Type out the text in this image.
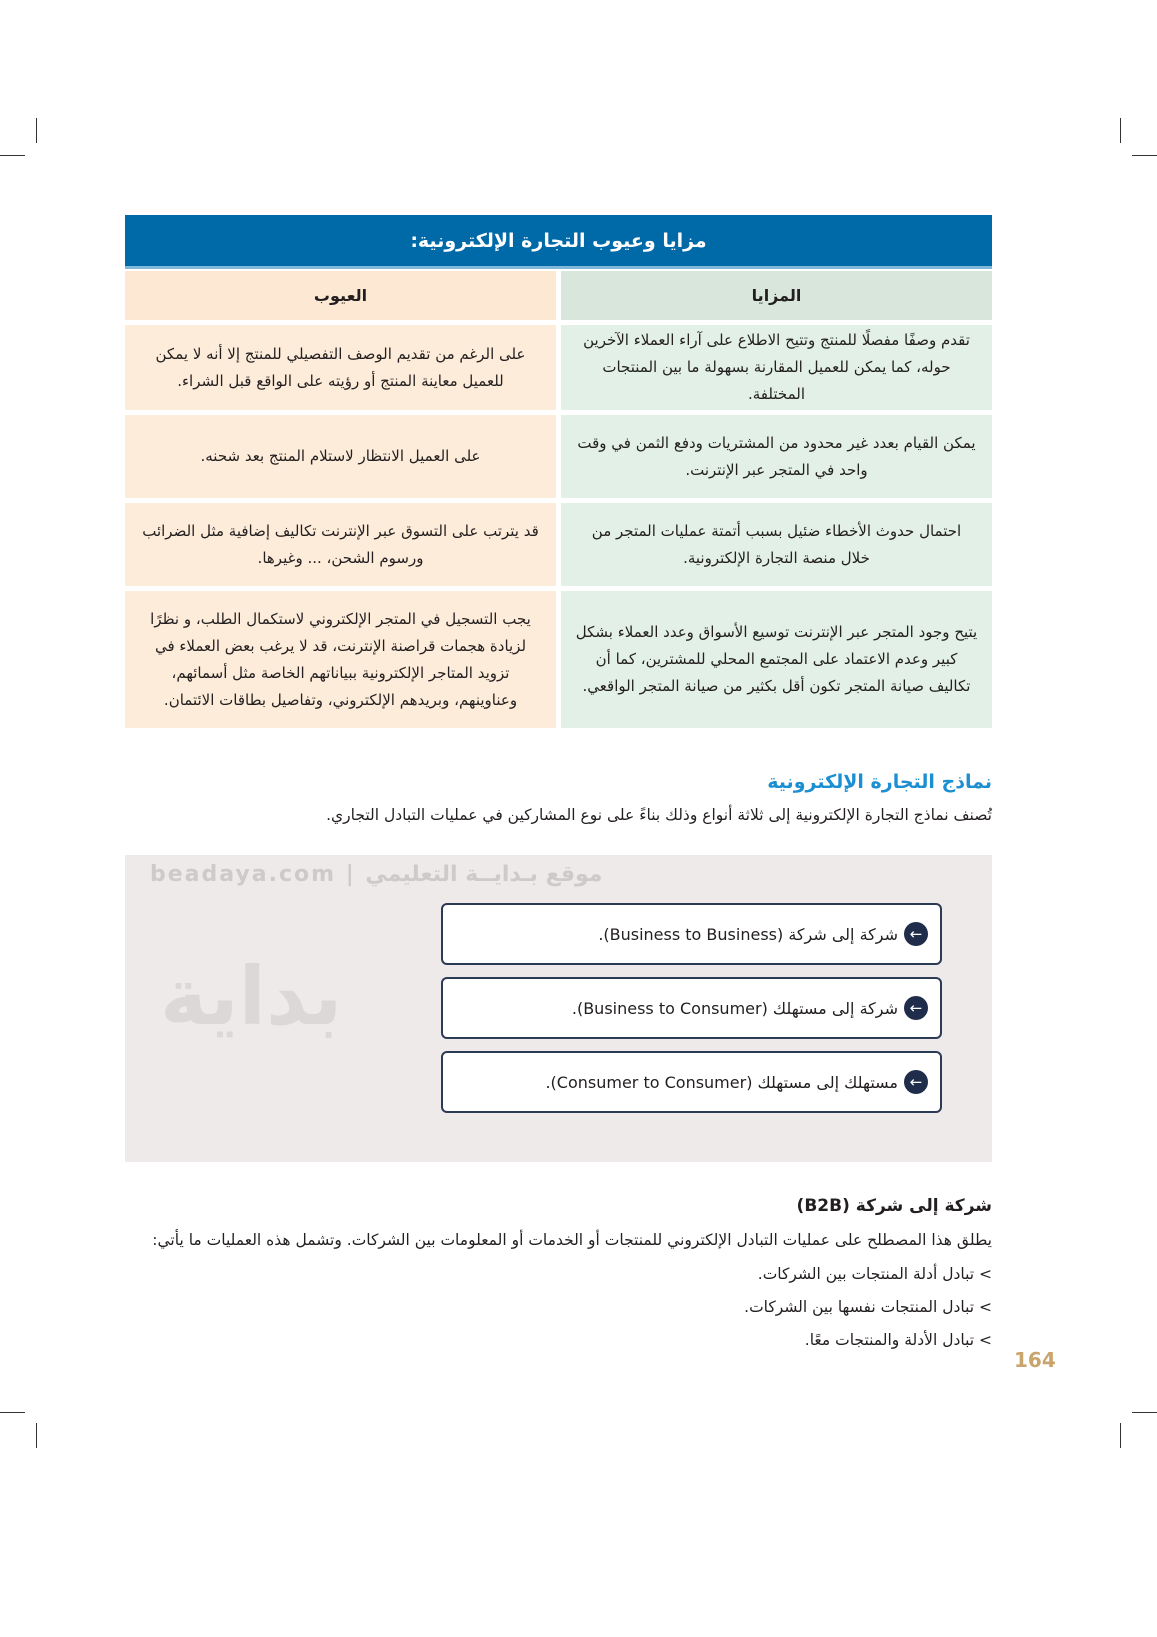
مزايا وعيوب التجارة الإلكترونية:
المزايا
العيوب
تقدم وصفًا مفصلًا للمنتج وتتيح الاطلاع على آراء العملاء الآخرين حوله، كما يمكن للعميل المقارنة بسهولة ما بين المنتجات المختلفة.
على الرغم من تقديم الوصف التفصيلي للمنتج إلا أنه لا يمكن للعميل معاينة المنتج أو رؤيته على الواقع قبل الشراء.
يمكن القيام بعدد غير محدود من المشتريات ودفع الثمن في وقت واحد في المتجر عبر الإنترنت.
على العميل الانتظار لاستلام المنتج بعد شحنه.
احتمال حدوث الأخطاء ضئيل بسبب أتمتة عمليات المتجر من خلال منصة التجارة الإلكترونية.
قد يترتب على التسوق عبر الإنترنت تكاليف إضافية مثل الضرائب ورسوم الشحن، ... وغيرها.
يتيح وجود المتجر عبر الإنترنت توسيع الأسواق وعدد العملاء بشكل كبير وعدم الاعتماد على المجتمع المحلي للمشترين، كما أن تكاليف صيانة المتجر تكون أقل بكثير من صيانة المتجر الواقعي.
يجب التسجيل في المتجر الإلكتروني لاستكمال الطلب، و نظرًا لزيادة هجمات قراصنة الإنترنت، قد لا يرغب بعض العملاء في تزويد المتاجر الإلكترونية ببياناتهم الخاصة مثل أسمائهم، وعناوينهم، وبريدهم الإلكتروني، وتفاصيل بطاقات الائتمان.
نماذج التجارة الإلكترونية
تُصنف نماذج التجارة الإلكترونية إلى ثلاثة أنواع وذلك بناءً على نوع المشاركين في عمليات التبادل التجاري.
beadaya.com | موقع بـدايــة التعليمي
بداية
←
شركة إلى شركة (Business to Business).
←
شركة إلى مستهلك (Business to Consumer).
←
مستهلك إلى مستهلك (Consumer to Consumer).
شركة إلى شركة (B2B)
يطلق هذا المصطلح على عمليات التبادل الإلكتروني للمنتجات أو الخدمات أو المعلومات بين الشركات. وتشمل هذه العمليات ما يأتي:
> تبادل أدلة المنتجات بين الشركات.
> تبادل المنتجات نفسها بين الشركات.
> تبادل الأدلة والمنتجات معًا.
164
